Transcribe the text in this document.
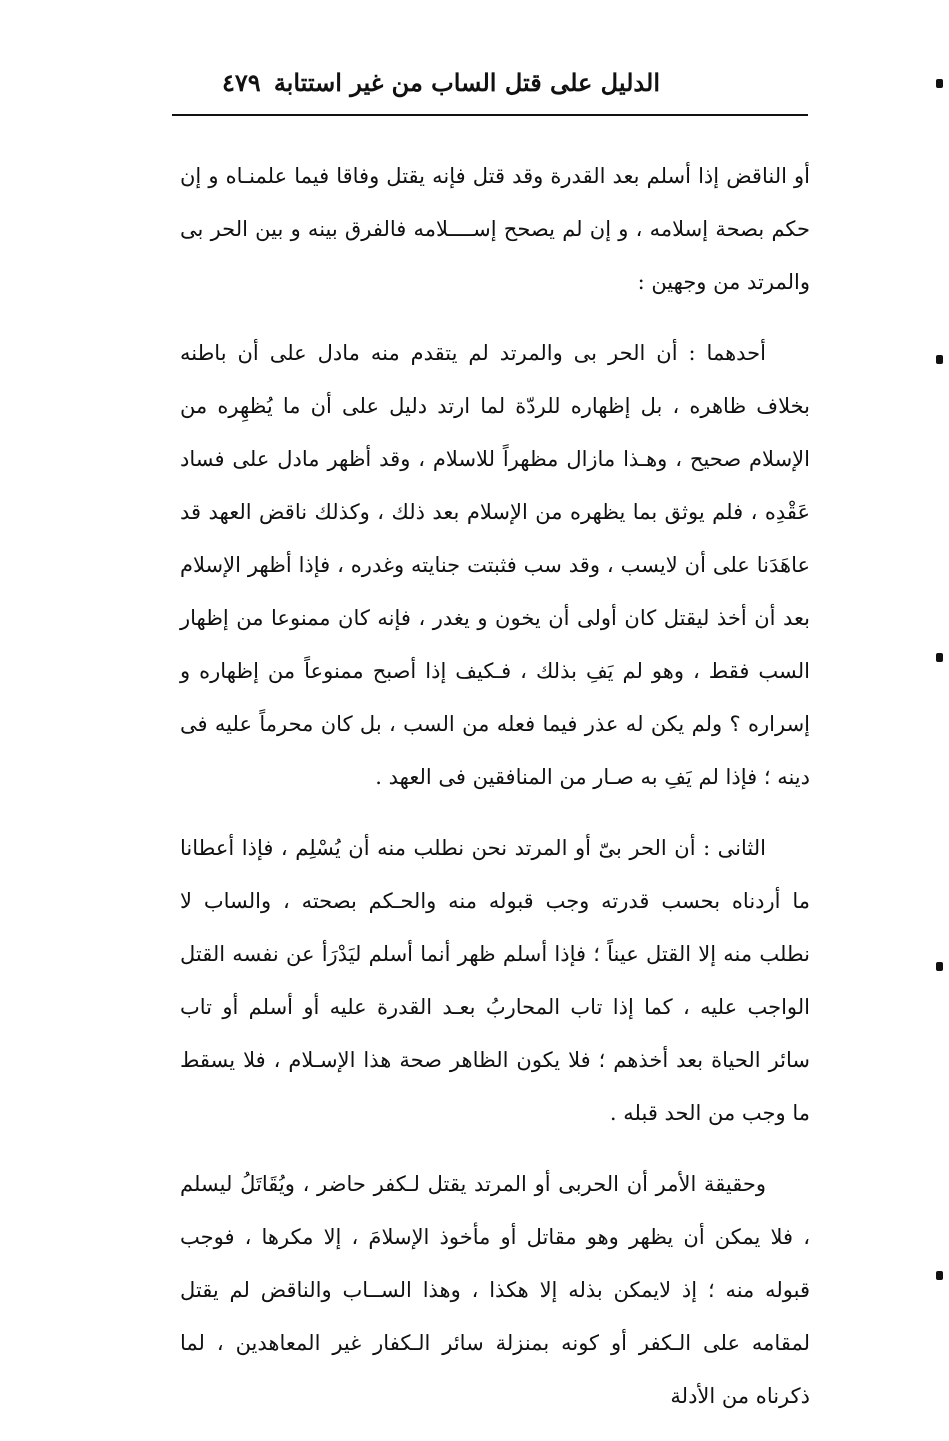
الدليل على قتل الساب من غير استتابة
٤٧٩

أو الناقض إذا أسلم بعد القدرة وقد قتل فإنه يقتل وفاقا فيما علمنـاه و إن حكم بصحة إسلامه ، و إن لم يصحح إســــلامه فالفرق بينه و بين الحر بى والمرتد من وجهين :

أحدهما : أن الحر بى والمرتد لم يتقدم منه مادل على أن باطنه بخلاف ظاهره ، بل إظهاره للردّة لما ارتد دليل على أن ما يُظهِره من الإسلام صحيح ، وهـذا مازال مظهراً للاسلام ، وقد أظهر مادل على فساد عَقْدِه ، فلم يوثق بما يظهره من الإسلام بعد ذلك ، وكذلك ناقض العهد قد عاهَدَنا على أن لايسب ، وقد سب فثبتت جنايته وغدره ، فإذا أظهر الإسلام بعد أن أخذ ليقتل كان أولى أن يخون و يغدر ، فإنه كان ممنوعا من إظهار السب فقط ، وهو لم يَفِ بذلك ، فـكيف إذا أصبح ممنوعاً من إظهاره و إسراره ؟ ولم يكن له عذر فيما فعله من السب ، بل كان محرماً عليه فى دينه ؛ فإذا لم يَفِ به صـار من المنافقين فى العهد .

الثانى : أن الحر بىّ أو المرتد نحن نطلب منه أن يُسْلِم ، فإذا أعطانا ما أردناه بحسب قدرته وجب قبوله منه والحـكم بصحته ، والساب لا نطلب منه إلا القتل عيناً ؛ فإذا أسلم ظهر أنما أسلم ليَدْرَأ عن نفسه القتل الواجب عليه ، كما إذا تاب المحاربُ بعـد القدرة عليه أو أسلم أو تاب سائر الحياة بعد أخذهم ؛ فلا يكون الظاهر صحة هذا الإسـلام ، فلا يسقط ما وجب من الحد قبله .

وحقيقة الأمر أن الحربى أو المرتد يقتل لـكفر حاضر ، ويُقَاتَلُ ليسلم ، فلا يمكن أن يظهر وهو مقاتل أو مأخوذ الإسلامَ ، إلا مكرها ، فوجب قبوله منه ؛ إذ لايمكن بذله إلا هكذا ، وهذا الســاب والناقض لم يقتل لمقامه على الـكفر أو كونه بمنزلة سائر الـكفار غير المعاهدين ، لما ذكرناه من الأدلة
